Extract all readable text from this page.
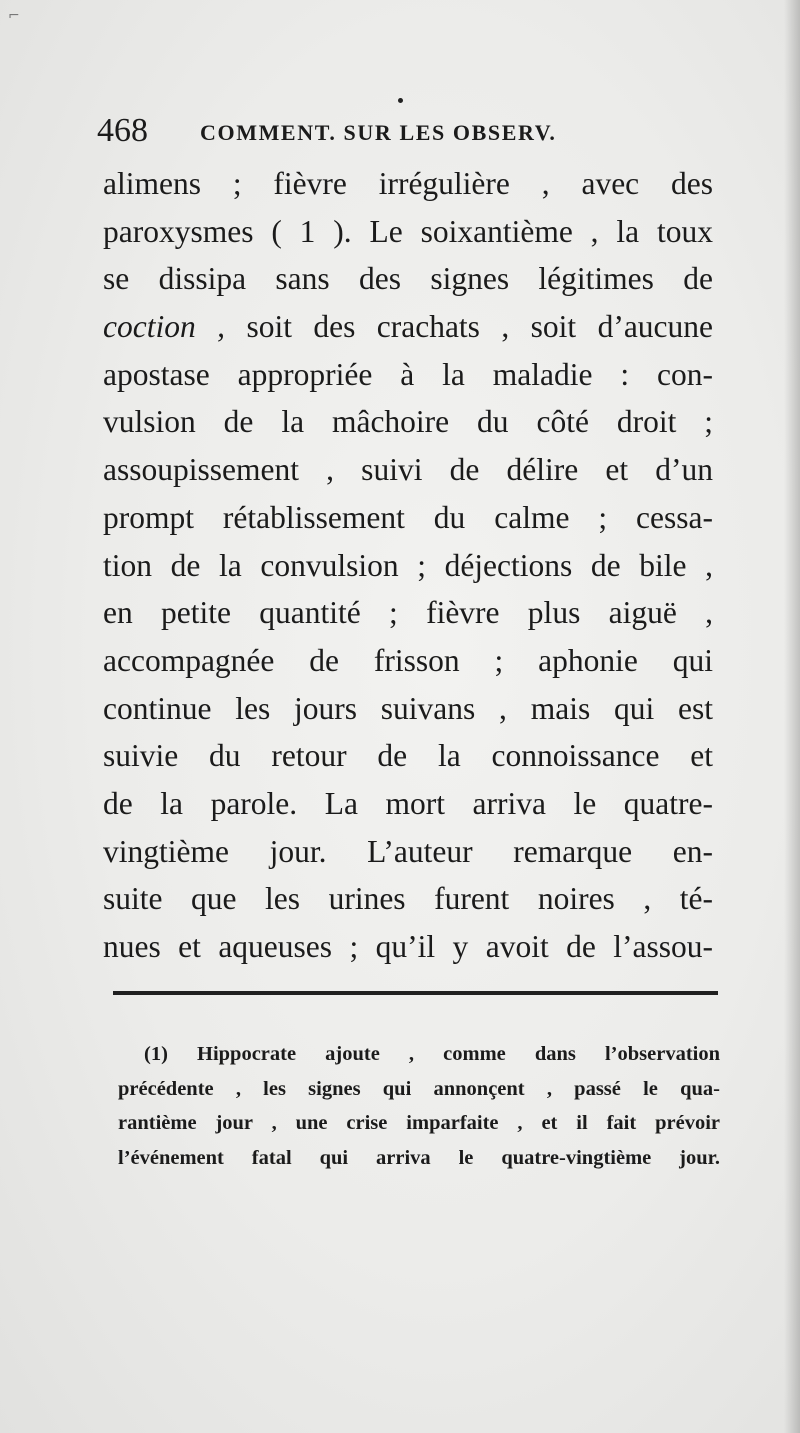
⌐
468 COMMENT. SUR LES OBSERV.
alimens ; fièvre irrégulière , avec des
paroxysmes ( 1 ). Le soixantième , la toux
se dissipa sans des signes légitimes de
coction , soit des crachats , soit d’aucune
apostase appropriée à la maladie : con-
vulsion de la mâchoire du côté droit ;
assoupissement , suivi de délire et d’un
prompt rétablissement du calme ; cessa-
tion de la convulsion ; déjections de bile ,
en petite quantité ; fièvre plus aiguë ,
accompagnée de frisson ; aphonie qui
continue les jours suivans , mais qui est
suivie du retour de la connoissance et
de la parole. La mort arriva le quatre-
vingtième jour. L’auteur remarque en-
suite que les urines furent noires , té-
nues et aqueuses ; qu’il y avoit de l’assou-
(1) Hippocrate ajoute , comme dans l’observation
précédente , les signes qui annonçent , passé le qua-
rantième jour , une crise imparfaite , et il fait prévoir
l’événement fatal qui arriva le quatre-vingtième jour.
